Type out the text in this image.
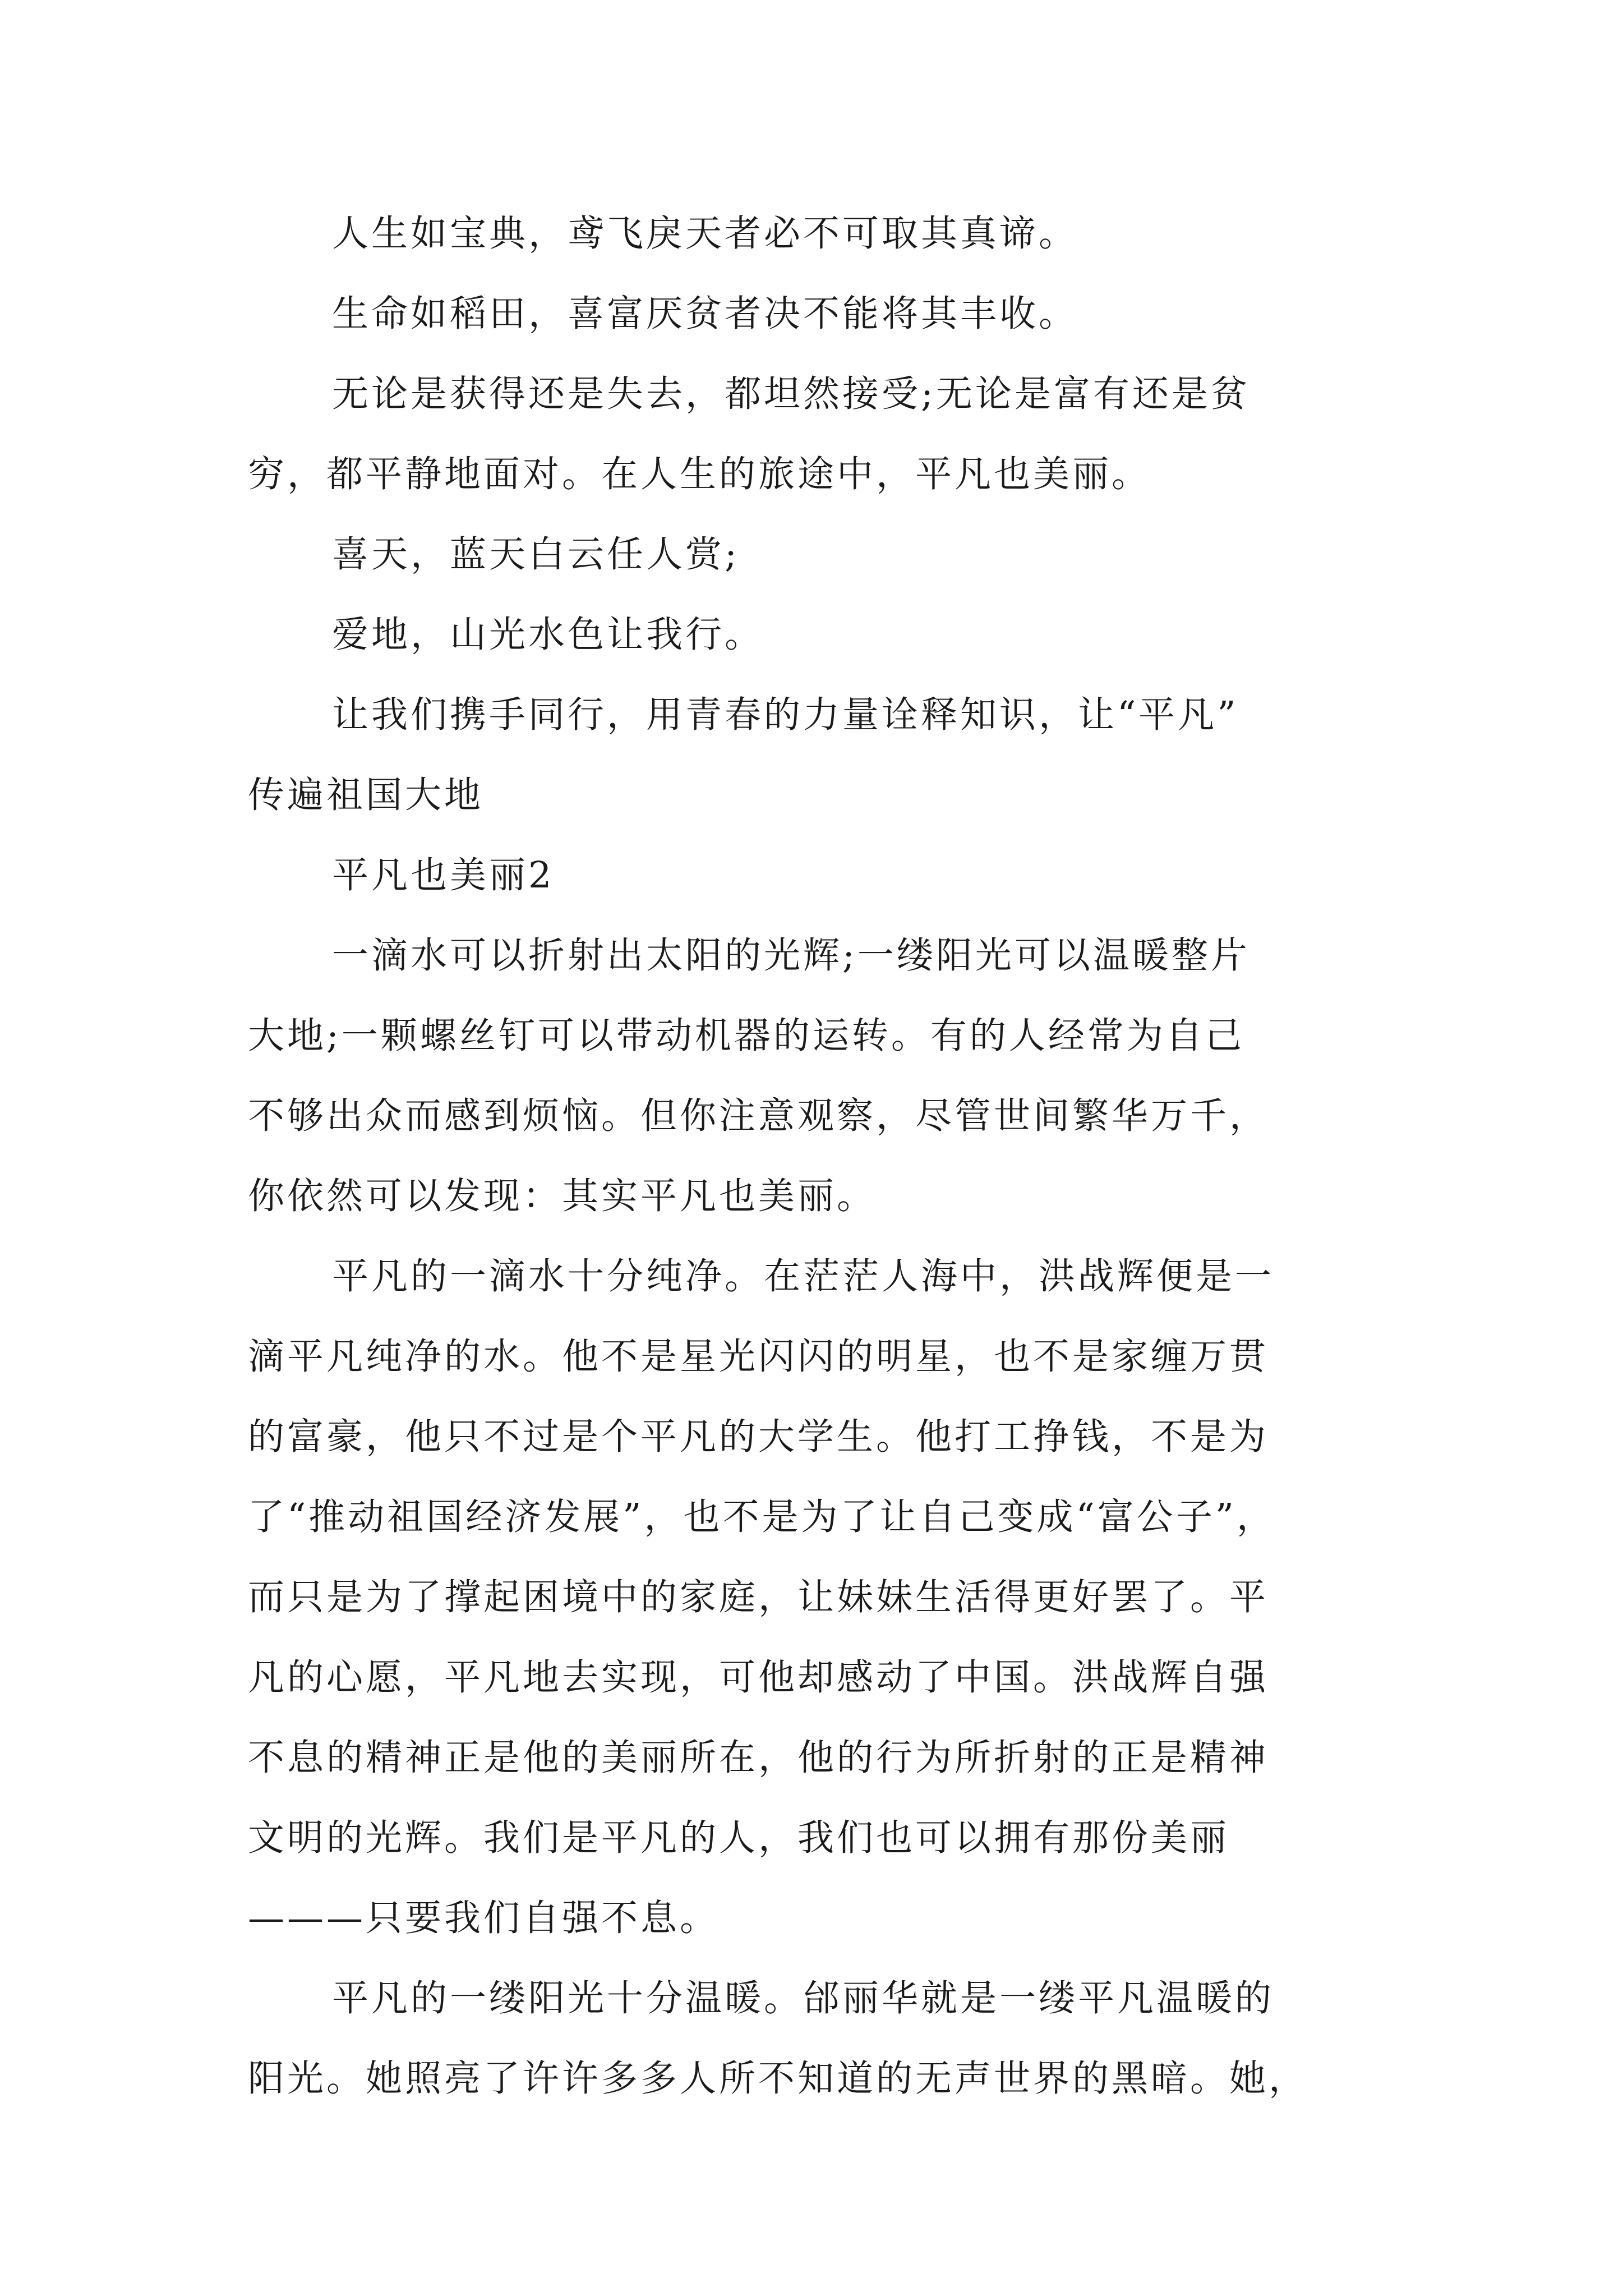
人生如宝典，鸢飞戾天者必不可取其真谛。
生命如稻田，喜富厌贫者决不能将其丰收。
无论是获得还是失去，都坦然接受;无论是富有还是贫
穷，都平静地面对。在人生的旅途中，平凡也美丽。
喜天，蓝天白云任人赏;
爱地，山光水色让我行。
让我们携手同行，用青春的力量诠释知识，让“平凡”
传遍祖国大地
平凡也美丽2
一滴水可以折射出太阳的光辉;一缕阳光可以温暖整片
大地;一颗螺丝钉可以带动机器的运转。有的人经常为自己
不够出众而感到烦恼。但你注意观察，尽管世间繁华万千，
你依然可以发现：其实平凡也美丽。
平凡的一滴水十分纯净。在茫茫人海中，洪战辉便是一
滴平凡纯净的水。他不是星光闪闪的明星，也不是家缠万贯
的富豪，他只不过是个平凡的大学生。他打工挣钱，不是为
了“推动祖国经济发展”，也不是为了让自己变成“富公子”，
而只是为了撑起困境中的家庭，让妹妹生活得更好罢了。平
凡的心愿，平凡地去实现，可他却感动了中国。洪战辉自强
不息的精神正是他的美丽所在，他的行为所折射的正是精神
文明的光辉。我们是平凡的人，我们也可以拥有那份美丽
———只要我们自强不息。
平凡的一缕阳光十分温暖。邰丽华就是一缕平凡温暖的
阳光。她照亮了许许多多人所不知道的无声世界的黑暗。她，
